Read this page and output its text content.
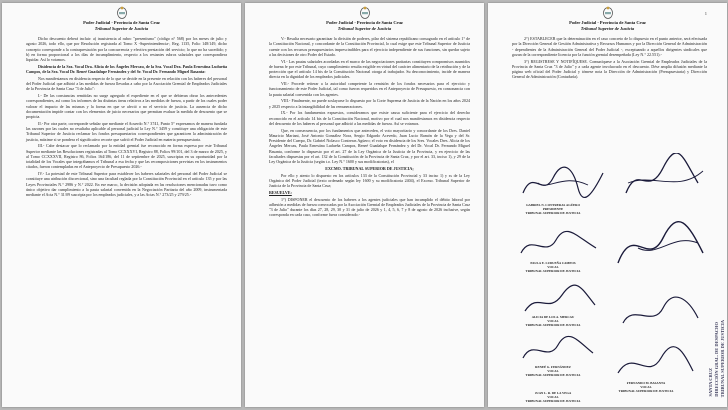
Poder Judicial - Provincia de Santa Cruz
Tribunal Superior de Justicia

Dicho descuento deberá incluir: a) inasistencia al rubro "presentismo" (código n° 568) por los meses de julio y agosto 2026, todo ello, que por Resolución registrada al Tomo X -Superintendencia-, Reg. 1135, Folio 148/149, dicho concepto corresponde a la contraprestación por la concurrencia y efectiva prestación del servicio; lo que no ha sucedido; y b) en forma proporcional a los días de incumplimiento, respecto a los restantes rubros salariales que correspondiera liquidar. Así lo votamos.

Disidencia de la Sra. Vocal Dra. Alicia de los Ángeles Mercau, de la Sra. Vocal Dra. Paula Ernestina Ludueña Campos, de la Sra. Vocal Dr. Reneé Guadalupe Fernández y del Sr. Vocal Dr. Fernando Miguel Basanta:

Nos manifestamos en disidencia respecto de lo que se decide en la presente en relación con los haberes del personal del Poder Judicial que adhirió a las medidas de fuerza llevadas a cabo por la Asociación Gremial de Empleados Judiciales de la Provincia de Santa Cruz "3 de Julio":

I.- De las constancias remitidas no surge agregado el expediente en el que se debieran obrar los antecedentes correspondientes, así como los informes de las distintas áreas relativos a las medidas de fuerza, a partir de los cuales poder valorar el impacto de las mismas y la forma en que se afectó o no el servicio de justicia. La ausencia de dicho documentación impide contar con los elementos de juicio necesarios que permitan evaluar la medida de descuento que se propicia.

II.- Por otra parte, corresponde señalar que mediante el Acuerdo N.° 3741, Punto 5° expresamos de manera fundada las razones por las cuales no resultaba aplicable al personal judicial la Ley N.° 3459 y constituye una obligación de este Tribunal Superior de Justicia reclamar los fondos presupuestarios correspondientes que garanticen la administración de justicia, máxime si se pondera el significativo recorte que sufrió el Poder Judicial en materia presupuestaria.

III.- Cabe destacar que lo reclamado por la entidad gremial fue reconocido en forma expresa por este Tribunal Superior mediante las Resoluciones registradas al Tomo CCXXXVI, Registro 88, Folios 99/101, del 3 de marzo de 2025, y al Tomo CCXXXVII, Registro 86, Folios 164/186, del 11 de septiembre de 2025, suscriptas en su oportunidad por la totalidad de los Vocales que integrábamos el Tribunal a esa fecha y que las recomposiciones previstas en los instrumentos citados, fueron contempladas en el Anteproyecto de Presupuesto 2026.-

IV.- La potestad de este Tribunal Superior para establecer los haberes salariales del personal del Poder Judicial se constituye una atribución discrecional, sino una facultad reglada por la Constitución Provincial en el artículo 135 y por las Leyes Provinciales N.° 2986 y N.° 2022. En ese marco, la decisión adoptada en las resoluciones mencionadas tuvo como único objetivo dar cumplimiento a la pauta salarial convenida en la Negociación Paritaria del año 2009, instrumentada mediante el Acta N.° 31/09 suscripta por los empleados judiciales, y a las Actas N.° 273/25 y 279/25.-

Poder Judicial - Provincia de Santa Cruz
Tribunal Superior de Justicia

V.- Resulta necesario garantizar la división de poderes, pilar del sistema republicano consagrado en el artículo 1° de la Constitución Nacional, y concordante de la Constitución Provincial, lo cual exige que este Tribunal Superior de Justicia cuente con los recursos presupuestarios imprescindibles para el ejercicio independiente de sus funciones, sin quedar sujeto a las decisiones de otro Poder del Estado.

VI.- Las pautas salariales acordadas en el marco de las negociaciones paritarias constituyen compromisos asumidos de buena fe por este Tribunal, cuyo cumplimiento resulta exigible en virtud del carácter alimentario de la retribución y de la protección que el artículo 14 bis de la Constitución Nacional otorga al trabajador. Su desconocimiento, incide de manera directa en la dignidad de los empleados judiciales.

VII.- Procede reiterar a la autoridad competente la remisión de los fondos necesarios para el ejercicio y funcionamiento de este Poder Judicial, tal como fueron requeridos en el Anteproyecto de Presupuesto, en consonancia con la pauta salarial convenida con los agentes.

VIII.- Finalmente, no puede soslayarse lo dispuesto por la Corte Suprema de Justicia de la Nación en los años 2024 y 2025 respecto a la intangibilidad de las remuneraciones.

IX.- Por los fundamentos expuestos, consideramos que existe causa suficiente para el ejercicio del derecho reconocido en el artículo 14 bis de la Constitución Nacional, motivo por el cual nos manifestamos en disidencia respecto del descuento de los haberes al personal que adhirió a las medidas de fuerza. Así se votamos.

Que, en consecuencia, por los fundamentos que anteceden, el voto mayoritario y concordante de los Dres. Daniel Mauricio Mariani, José Antonio González Nora, Sergio Edgardo Acevedo, Juan Lucio Ramón de la Vega y del Sr. Presidente del Cuerpo, Dr. Gabriel Nolasco Contreras Agüero; el voto en disidencia de los Sres. Vocales Dres. Alicia de los Ángeles Mercau, Paula Ernestina Ludueña Campos, Reneé Guadalupe Fernández y del Dr. Vocal Dr. Fernando Miguel Basanta, conforme lo dispuesto por el art. 27 de la Ley Orgánica de la Justicia de la Provincia, y en ejercicio de las facultades dispuestas por el art. 132 de la Constitución de la Provincia de Santa Cruz, y por el art. 33, inciso 1), y 29 de la Ley Orgánica de la Justicia (según t.o. Ley N.° 1600 y sus modificatorias), el

EXCMO. TRIBUNAL SUPERIOR DE JUSTICIA;

Por ello y atento lo dispuesto en los artículos 133 de la Constitución Provincial y 33 inciso 1) y ss de la Ley Orgánica del Poder Judicial (texto ordenado según ley 1600 y su modificatoria 2404), el Excmo. Tribunal Superior de Justicia de la Provincia de Santa Cruz;

RESUELVE:

1°) DISPONER el descuento de los haberes a los agentes judiciales que han incumplido el débito laboral por adhesión a medidas de fuerza convocadas por la Asociación Gremial de Empleados Judiciales de la Provincia de Santa Cruz "3 de Julio" durante los días 27, 28, 29, 30 y 31 de julio de 2026 y 1, 4, 5, 6, 7 y 8 de agosto de 2026 inclusive, según corresponda en cada caso, conforme fuera considerado.-

1
Poder Judicial - Provincia de Santa Cruz
Tribunal Superior de Justicia

2°) ESTABLECER que la determinación en el caso concreto de lo dispuesto en el punto anterior, será efectuada por la Dirección General de Gestión Administrativa y Recursos Humanos y por la Dirección General de Administración - dependientes de la Administración General del Poder Judicial -, exceptuando a aquellos dirigentes sindicales que gozan de la correspondiente licencia por la función gremial desempeñada (Ley N.° 22.551).-

3°) REGISTRESE Y NOTIFÍQUESE. Comuníquese a la Asociación Gremial de Empleados Judiciales de la Provincia de Santa Cruz "3 de Julio" y a cada agente involucrado en el descuento. Dése amplia difusión mediante la página web oficial del Poder Judicial y tómese nota la Dirección de Administración (Presupuestaria) y Dirección General de Administración (Contaduría).

GABRIEL N. CONTRERAS AGÜERO
PRESIDENTE
TRIBUNAL SUPERIOR DE JUSTICIA
PAULA E. LUDUEÑA CAMPOS
VOCAL
TRIBUNAL SUPERIOR DE JUSTICIA
ALICIA DE LOS A. MERCAU
VOCAL
TRIBUNAL SUPERIOR DE JUSTICIA
RENEÉ G. FERNÁNDEZ
VOCAL
TRIBUNAL SUPERIOR DE JUSTICIA
FERNANDO M. BASANTA
VOCAL
TRIBUNAL SUPERIOR DE JUSTICIA
JUAN L. R. DE LA VEGA
VOCAL
TRIBUNAL SUPERIOR DE JUSTICIA
DIRECCIÓN GRAL. DE DESPACHO TRIBUNAL SUPERIOR DE JUSTICIA
SANTA CRUZ
